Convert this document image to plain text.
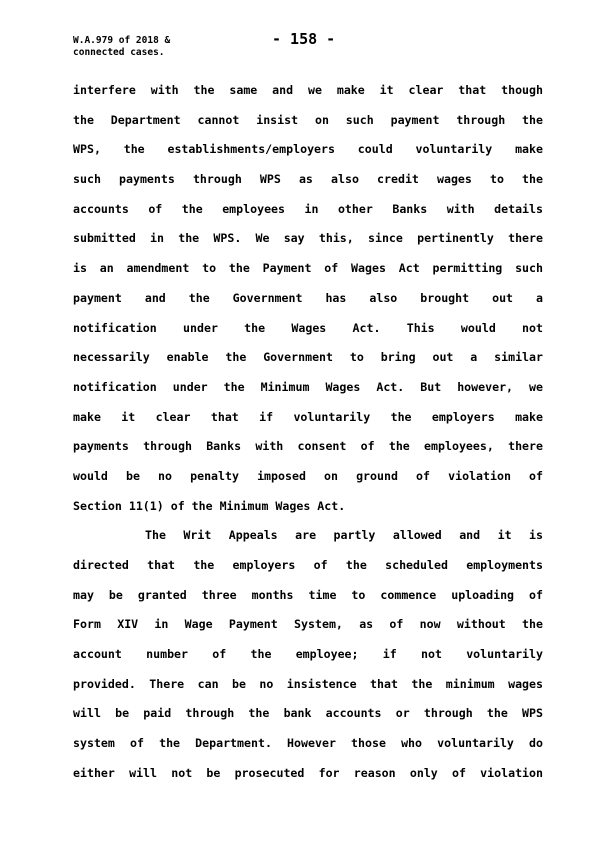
W.A.979 of 2018 &
connected cases.
- 158 -
interfere with the same and we make it clear that though
the Department cannot insist on such payment through the
WPS, the establishments/employers could voluntarily make
such payments through WPS as also credit wages to the
accounts of the employees in other Banks with details
submitted in the WPS. We say this, since pertinently there
is an amendment to the Payment of Wages Act permitting such
payment and the Government has also brought out a
notification under the Wages Act. This would not
necessarily enable the Government to bring out a similar
notification under the Minimum Wages Act. But however, we
make it clear that if voluntarily the employers make
payments through Banks with consent of the employees, there
would be no penalty imposed on ground of violation of
Section 11(1) of the Minimum Wages Act.
The Writ Appeals are partly allowed and it is
directed that the employers of the scheduled employments
may be granted three months time to commence uploading of
Form XIV in Wage Payment System, as of now without the
account number of the employee; if not voluntarily
provided. There can be no insistence that the minimum wages
will be paid through the bank accounts or through the WPS
system of the Department. However those who voluntarily do
either will not be prosecuted for reason only of violation
